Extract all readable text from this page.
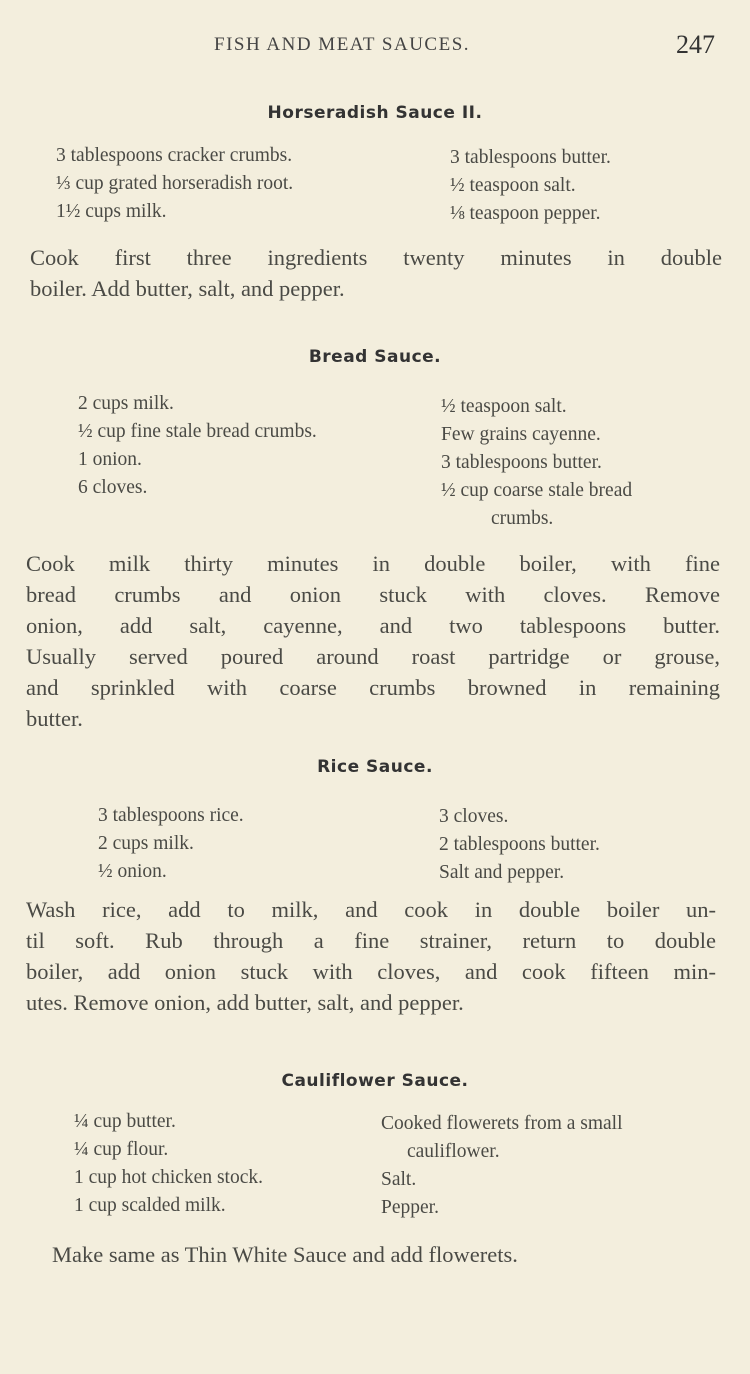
FISH AND MEAT SAUCES.	247
Horseradish Sauce II.
3 tablespoons cracker crumbs.
⅓ cup grated horseradish root.
1½ cups milk.
3 tablespoons butter.
½ teaspoon salt.
⅛ teaspoon pepper.
Cook first three ingredients twenty minutes in double
boiler. Add butter, salt, and pepper.
Bread Sauce.
2 cups milk.
½ cup fine stale bread crumbs.
1 onion.
6 cloves.
½ teaspoon salt.
Few grains cayenne.
3 tablespoons butter.
½ cup coarse stale bread
crumbs.
Cook milk thirty minutes in double boiler, with fine
bread crumbs and onion stuck with cloves. Remove
onion, add salt, cayenne, and two tablespoons butter.
Usually served poured around roast partridge or grouse,
and sprinkled with coarse crumbs browned in remaining
butter.
Rice Sauce.
3 tablespoons rice.
2 cups milk.
½ onion.
3 cloves.
2 tablespoons butter.
Salt and pepper.
Wash rice, add to milk, and cook in double boiler un-
til soft. Rub through a fine strainer, return to double
boiler, add onion stuck with cloves, and cook fifteen min-
utes. Remove onion, add butter, salt, and pepper.
Cauliflower Sauce.
¼ cup butter.
¼ cup flour.
1 cup hot chicken stock.
1 cup scalded milk.
Cooked flowerets from a small
cauliflower.
Salt.
Pepper.
Make same as Thin White Sauce and add flowerets.
